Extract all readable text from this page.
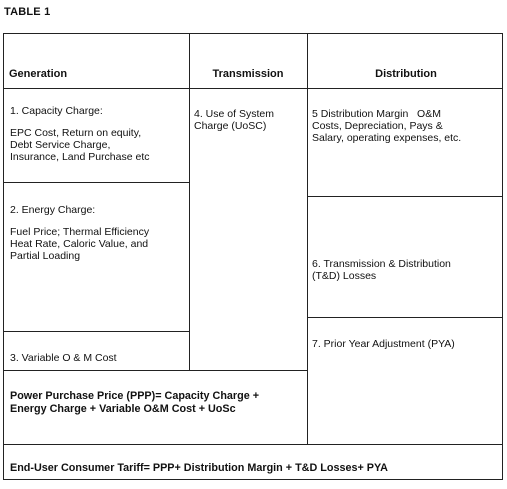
TABLE 1
Generation	Transmission	Distribution
1. Capacity Charge:
EPC Cost, Return on equity,
Debt Service Charge,
Insurance, Land Purchase etc
2. Energy Charge:
Fuel Price; Thermal Efficiency
Heat Rate, Caloric Value, and
Partial Loading
3. Variable O & M Cost
4. Use of System
Charge (UoSC)
5 Distribution Margin   O&M
Costs, Depreciation, Pays &
Salary, operating expenses, etc.
6. Transmission & Distribution
(T&D) Losses
7. Prior Year Adjustment (PYA)
Power Purchase Price (PPP)= Capacity Charge +
Energy Charge + Variable O&M Cost + UoSc
End-User Consumer Tariff= PPP+ Distribution Margin + T&D Losses+ PYA
